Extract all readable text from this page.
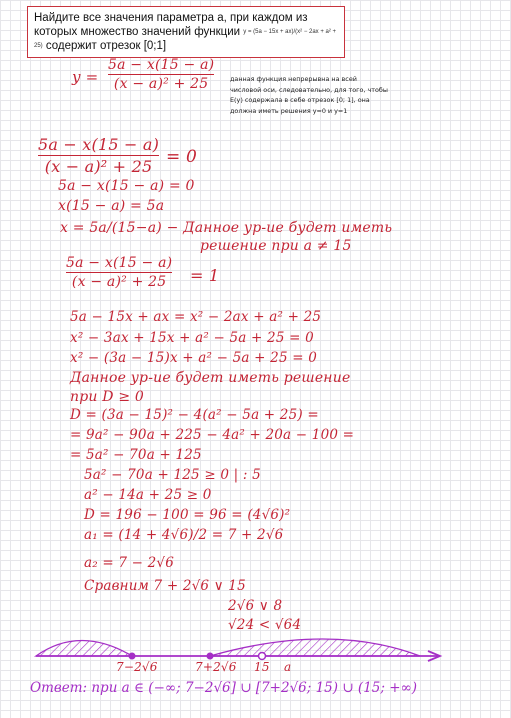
Найдите все значения параметра a, при каждом из которых множество значений функции y = (5a − 15x + ax)/(x² − 2ax + a² + 25) содержит отрезок [0;1]
y =
5a − x(15 − a)
(x − a)² + 25	данная функция непрерывна на всей числовой оси, следовательно, для того, чтобы E(y) содержала в себе отрезок [0; 1], она должна иметь решения y=0 и y=1
5a − x(15 − a)
(x − a)² + 25 = 0
5a − x(15 − a) = 0
x(15 − a) = 5a
x = 5a/(15−a) − Данное ур-ие будет иметь
решение при a ≠ 15
5a − x(15 − a)
(x − a)² + 25	= 1
5a − 15x + ax = x² − 2ax + a² + 25
x² − 3ax + 15x + a² − 5a + 25 = 0
x² − (3a − 15)x + a² − 5a + 25 = 0
Данное ур-ие будет иметь решение
при D ≥ 0
D = (3a − 15)² − 4(a² − 5a + 25) =
= 9a² − 90a + 225 − 4a² + 20a − 100 =
= 5a² − 70a + 125
5a² − 70a + 125 ≥ 0 | : 5
a² − 14a + 25 ≥ 0
D = 196 − 100 = 96 = (4√6)²
a₁ = (14 + 4√6)/2 = 7 + 2√6
a₂ = 7 − 2√6
Сравним 7 + 2√6 ∨ 15
2√6 ∨ 8
√24 < √64
7−2√6	7+2√6 15 a
Ответ: при a ∈ (−∞; 7−2√6] ∪ [7+2√6; 15) ∪ (15; +∞)
